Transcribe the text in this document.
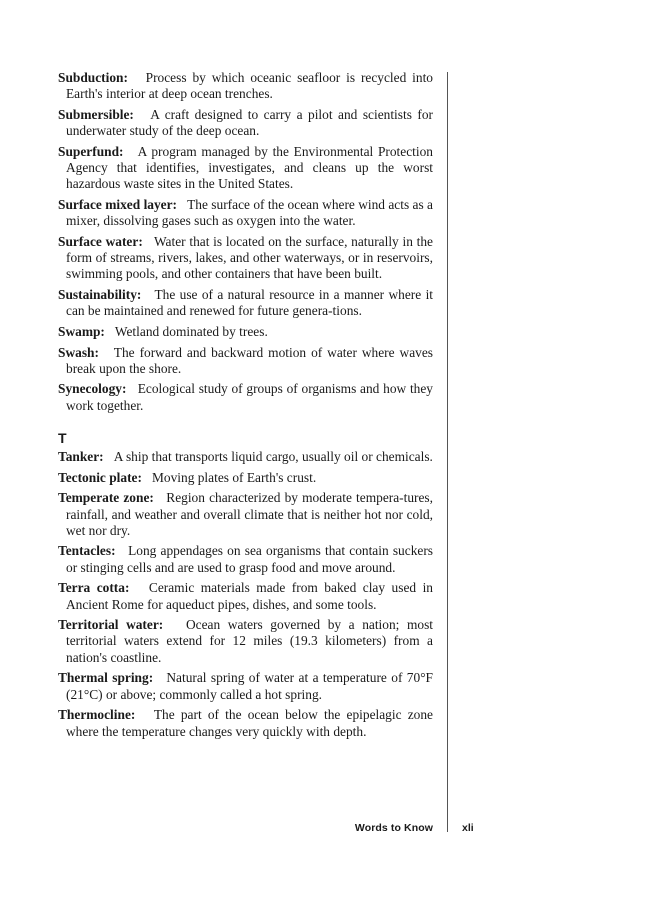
Subduction: Process by which oceanic seafloor is recycled into Earth's interior at deep ocean trenches.

Submersible: A craft designed to carry a pilot and scientists for underwater study of the deep ocean.

Superfund: A program managed by the Environmental Protection Agency that identifies, investigates, and cleans up the worst hazardous waste sites in the United States.

Surface mixed layer: The surface of the ocean where wind acts as a mixer, dissolving gases such as oxygen into the water.

Surface water: Water that is located on the surface, naturally in the form of streams, rivers, lakes, and other waterways, or in reservoirs, swimming pools, and other containers that have been built.

Sustainability: The use of a natural resource in a manner where it can be maintained and renewed for future genera-tions.

Swamp: Wetland dominated by trees.

Swash: The forward and backward motion of water where waves break upon the shore.

Synecology: Ecological study of groups of organisms and how they work together.

T

Tanker: A ship that transports liquid cargo, usually oil or chemicals.

Tectonic plate: Moving plates of Earth's crust.

Temperate zone: Region characterized by moderate tempera-tures, rainfall, and weather and overall climate that is neither hot nor cold, wet nor dry.

Tentacles: Long appendages on sea organisms that contain suckers or stinging cells and are used to grasp food and move around.

Terra cotta: Ceramic materials made from baked clay used in Ancient Rome for aqueduct pipes, dishes, and some tools.

Territorial water: Ocean waters governed by a nation; most territorial waters extend for 12 miles (19.3 kilometers) from a nation's coastline.

Thermal spring: Natural spring of water at a temperature of 70°F (21°C) or above; commonly called a hot spring.

Thermocline: The part of the ocean below the epipelagic zone where the temperature changes very quickly with depth.

Words to Know	xli
